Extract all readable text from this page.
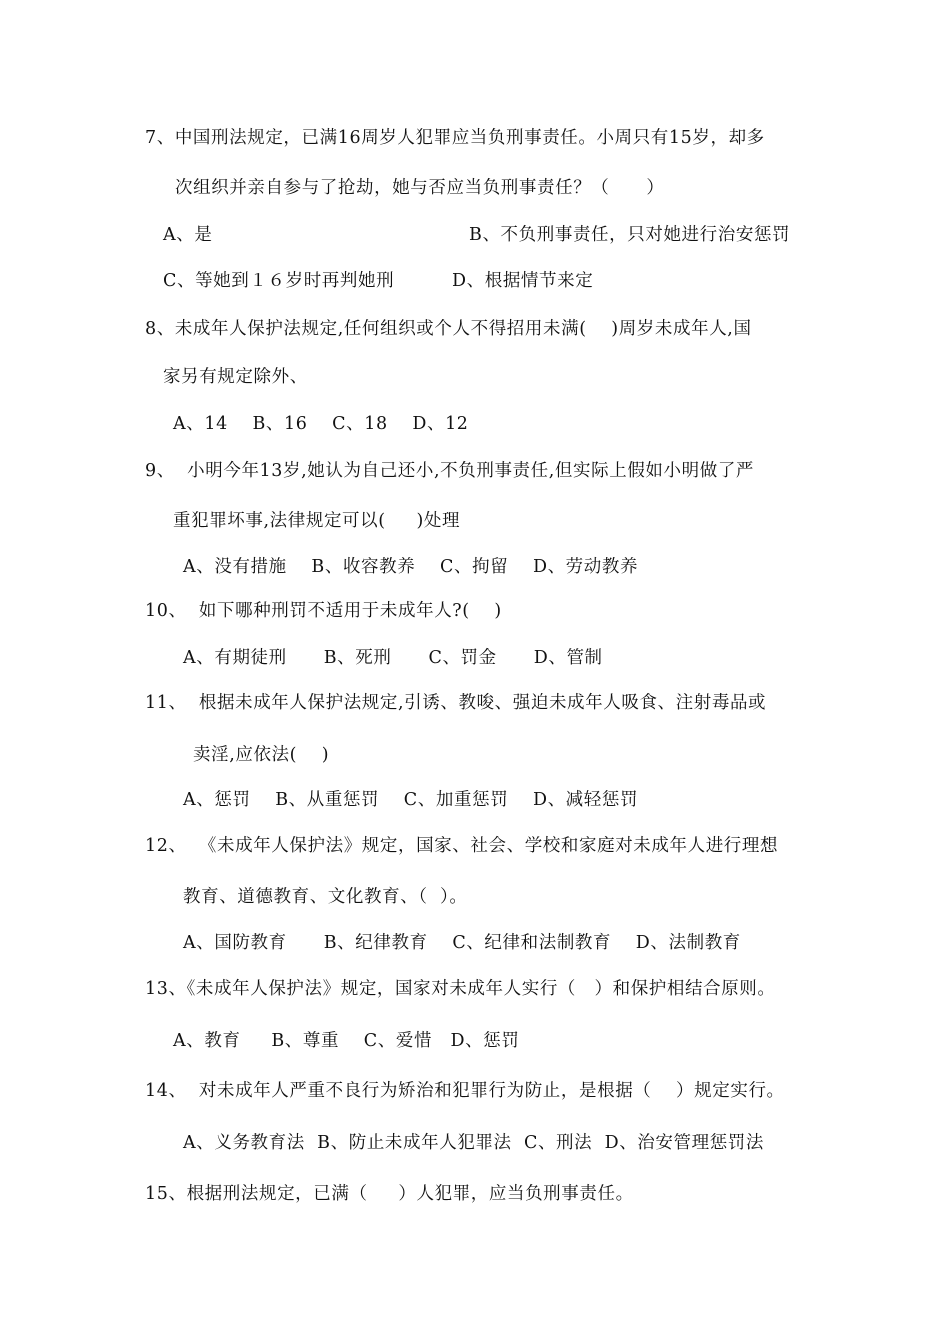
7、中国刑法规定，已满16周岁人犯罪应当负刑事责任。小周只有15岁，却多
次组织并亲自参与了抢劫，她与否应当负刑事责任？（      ）
A、是	B、不负刑事责任，只对她进行治安惩罚
C、等她到１６岁时再判她刑	D、根据情节来定
8、未成年人保护法规定,任何组织或个人不得招用未满(    )周岁未成年人,国
家另有规定除外、
A、14    B、16    C、18    D、12
9、  小明今年13岁,她认为自己还小,不负刑事责任,但实际上假如小明做了严
重犯罪坏事,法律规定可以(     )处理
A、没有措施    B、收容教养    C、拘留    D、劳动教养
10、  如下哪种刑罚不适用于未成年人?(    )
A、有期徒刑      B、死刑      C、罚金      D、管制
11、  根据未成年人保护法规定,引诱、教唆、强迫未成年人吸食、注射毒品或
卖淫,应依法(    )
A、惩罚    B、从重惩罚    C、加重惩罚    D、减轻惩罚
12、  《未成年人保护法》规定，国家、社会、学校和家庭对未成年人进行理想
教育、道德教育、文化教育、（  ）。
A、国防教育      B、纪律教育    C、纪律和法制教育    D、法制教育
13、《未成年人保护法》规定，国家对未成年人实行（   ）和保护相结合原则。
A、教育     B、尊重    C、爱惜   D、惩罚
14、  对未成年人严重不良行为矫治和犯罪行为防止，是根据（    ）规定实行。
A、义务教育法  B、防止未成年人犯罪法  C、刑法  D、治安管理惩罚法
15、根据刑法规定，已满（     ）人犯罪，应当负刑事责任。
